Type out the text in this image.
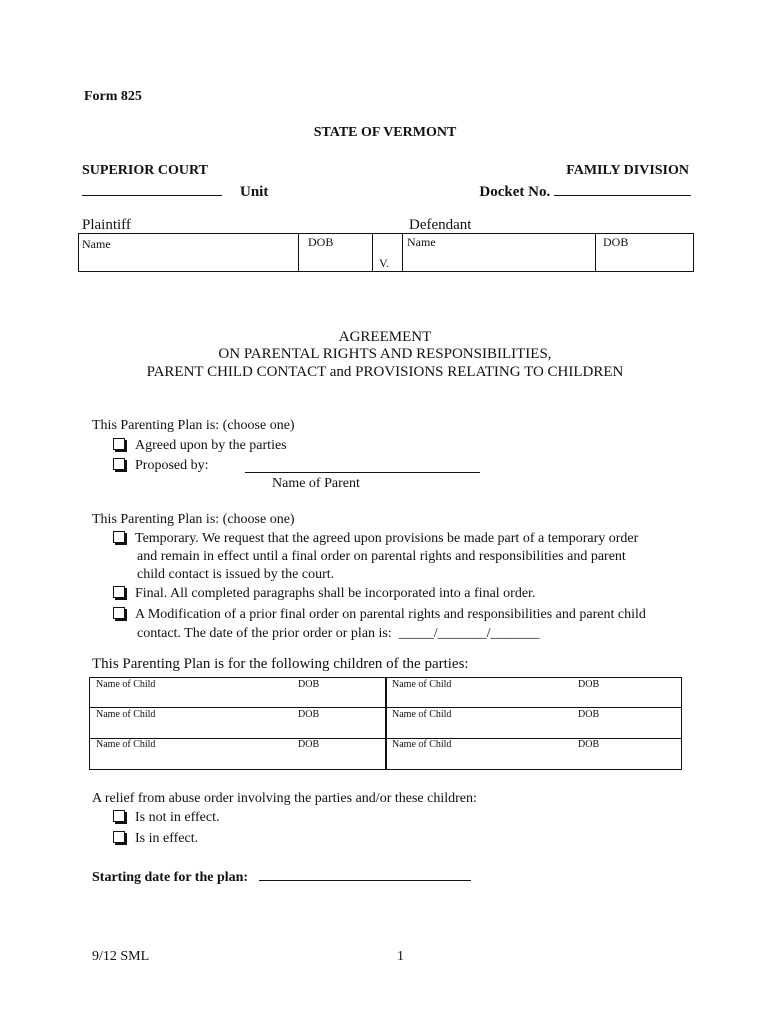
Form 825
STATE OF VERMONT
SUPERIOR COURT	FAMILY DIVISION
Unit	Docket No.
Plaintiff	Defendant
Name	DOB
V.
Name	DOB
AGREEMENT
ON PARENTAL RIGHTS AND RESPONSIBILITIES,
PARENT CHILD CONTACT and PROVISIONS RELATING TO CHILDREN
This Parenting Plan is: (choose one)
Agreed upon by the parties
Proposed by:
Name of Parent
This Parenting Plan is: (choose one)
Temporary. We request that the agreed upon provisions be made part of a temporary order
and remain in effect until a final order on parental rights and responsibilities and parent
child contact is issued by the court.
Final. All completed paragraphs shall be incorporated into a final order.
A Modification of a prior final order on parental rights and responsibilities and parent child
contact. The date of the prior order or plan is: _____/_______/_______
This Parenting Plan is for the following children of the parties:
Name of Child	DOB	Name of Child	DOB
Name of Child	DOB	Name of Child	DOB
Name of Child	DOB	Name of Child	DOB
A relief from abuse order involving the parties and/or these children:
Is not in effect.
Is in effect.
Starting date for the plan:
9/12 SML	1
